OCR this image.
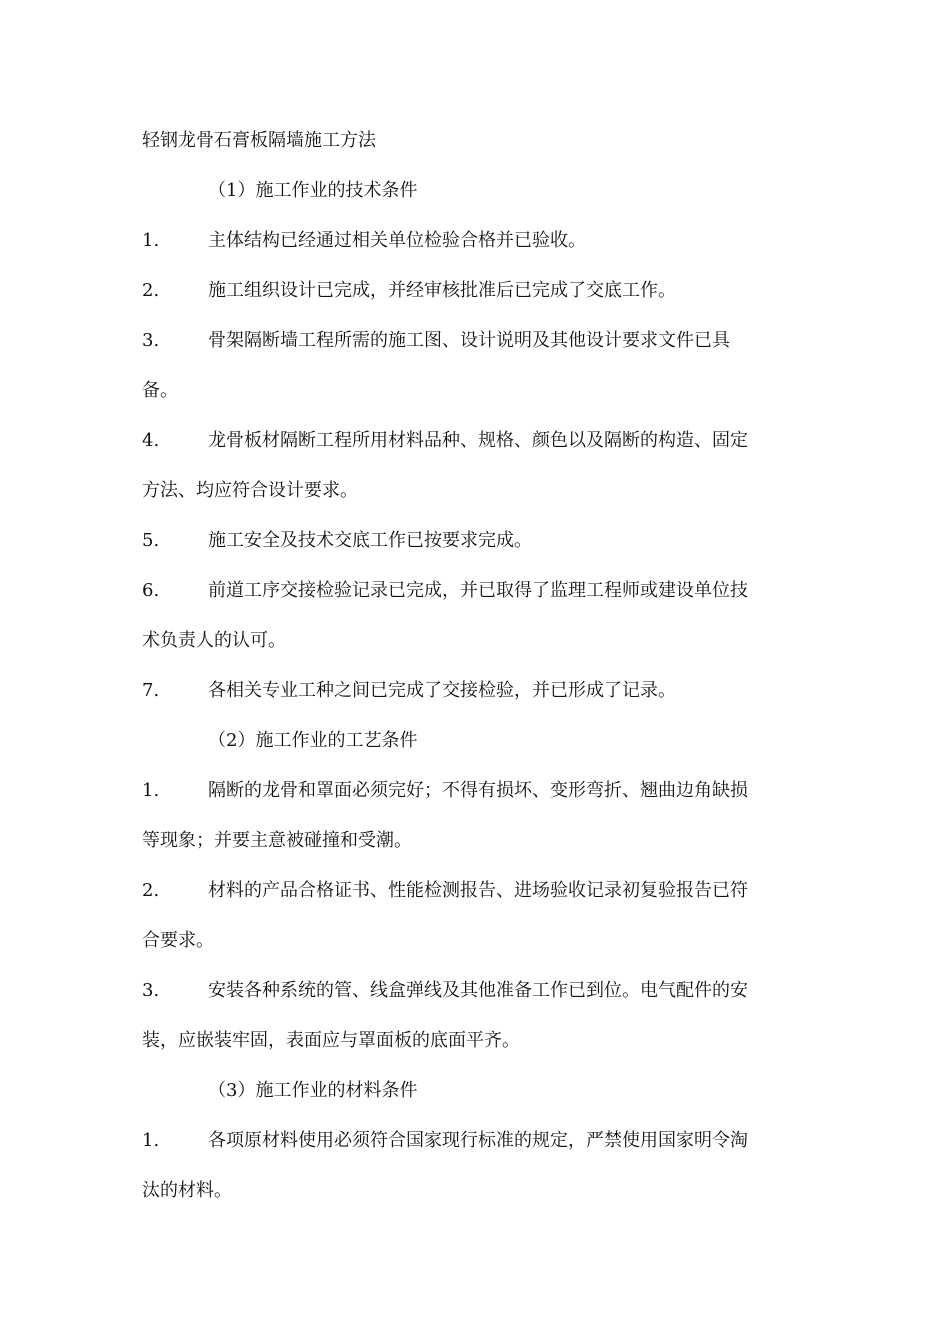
轻钢龙骨石膏板隔墙施工方法
（1）施工作业的技术条件
1.	主体结构已经通过相关单位检验合格并已验收。
2.	施工组织设计已完成，并经审核批准后已完成了交底工作。
3.	骨架隔断墙工程所需的施工图、设计说明及其他设计要求文件已具
备。
4.	龙骨板材隔断工程所用材料品种、规格、颜色以及隔断的构造、固定
方法、均应符合设计要求。
5.	施工安全及技术交底工作已按要求完成。
6.	前道工序交接检验记录已完成，并已取得了监理工程师或建设单位技
术负责人的认可。
7.	各相关专业工种之间已完成了交接检验，并已形成了记录。
（2）施工作业的工艺条件
1.	隔断的龙骨和罩面必须完好；不得有损坏、变形弯折、翘曲边角缺损
等现象；并要主意被碰撞和受潮。
2.	材料的产品合格证书、性能检测报告、进场验收记录初复验报告已符
合要求。
3.	安装各种系统的管、线盒弹线及其他准备工作已到位。电气配件的安
装，应嵌装牢固，表面应与罩面板的底面平齐。
（3）施工作业的材料条件
1.	各项原材料使用必须符合国家现行标准的规定，严禁使用国家明令淘
汰的材料。
